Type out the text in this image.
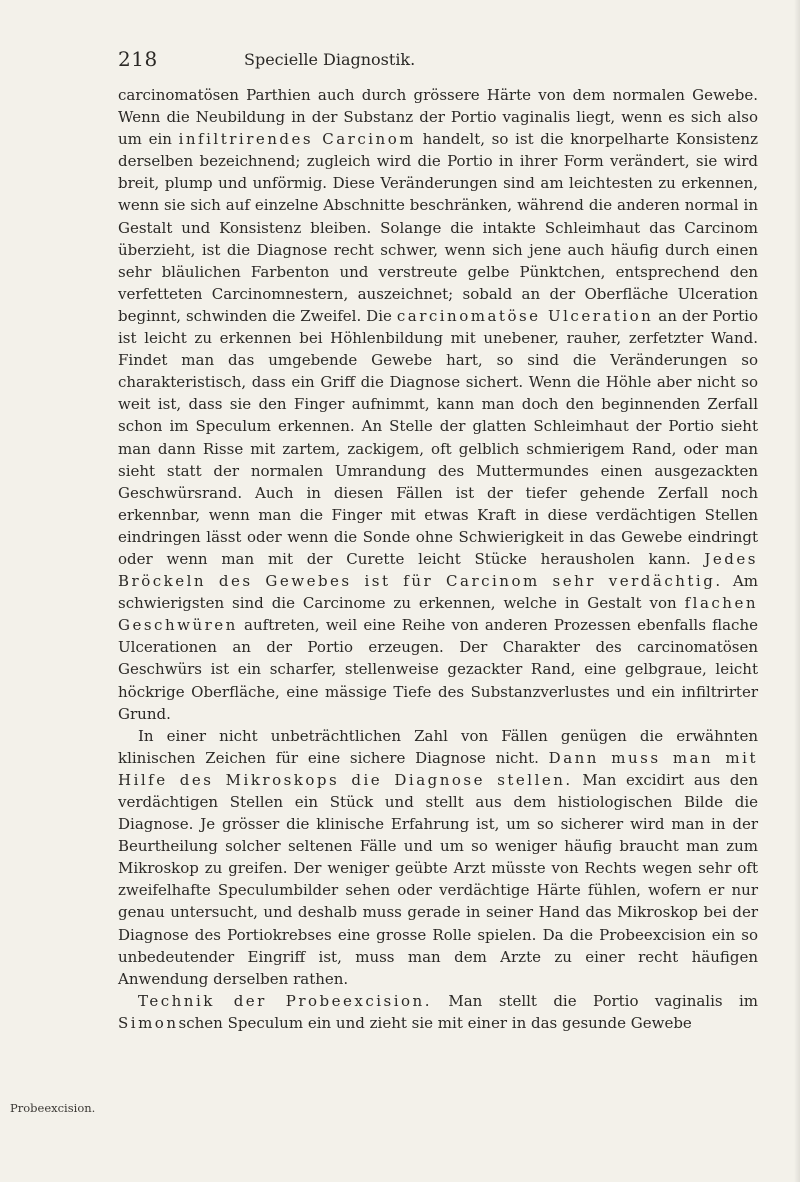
218	Specielle Diagnostik.

carcinomatösen Parthien auch durch grössere Härte von dem normalen Gewebe. Wenn die Neubildung in der Substanz der Portio vaginalis liegt, wenn es sich also um ein infiltrirendes Carcinom handelt, so ist die knorpelharte Konsistenz derselben bezeichnend; zugleich wird die Portio in ihrer Form verändert, sie wird breit, plump und unförmig. Diese Veränderungen sind am leichtesten zu erkennen, wenn sie sich auf einzelne Abschnitte beschränken, während die anderen normal in Gestalt und Konsistenz bleiben. Solange die intakte Schleimhaut das Carcinom überzieht, ist die Diagnose recht schwer, wenn sich jene auch häufig durch einen sehr bläulichen Farbenton und verstreute gelbe Pünktchen, entsprechend den verfetteten Carcinomnestern, auszeichnet; sobald an der Oberfläche Ulceration beginnt, schwinden die Zweifel. Die carcinomatöse Ulceration an der Portio ist leicht zu erkennen bei Höhlenbildung mit unebener, rauher, zerfetzter Wand. Findet man das umgebende Gewebe hart, so sind die Veränderungen so charakteristisch, dass ein Griff die Diagnose sichert. Wenn die Höhle aber nicht so weit ist, dass sie den Finger aufnimmt, kann man doch den beginnenden Zerfall schon im Speculum erkennen. An Stelle der glatten Schleimhaut der Portio sieht man dann Risse mit zartem, zackigem, oft gelblich schmierigem Rand, oder man sieht statt der normalen Umrandung des Muttermundes einen ausgezackten Geschwürsrand. Auch in diesen Fällen ist der tiefer gehende Zerfall noch erkennbar, wenn man die Finger mit etwas Kraft in diese verdächtigen Stellen eindringen lässt oder wenn die Sonde ohne Schwierigkeit in das Gewebe eindringt oder wenn man mit der Curette leicht Stücke herausholen kann. Jedes Bröckeln des Gewebes ist für Carcinom sehr verdächtig. Am schwierigsten sind die Carcinome zu erkennen, welche in Gestalt von flachen Geschwüren auftreten, weil eine Reihe von anderen Prozessen ebenfalls flache Ulcerationen an der Portio erzeugen. Der Charakter des carcinomatösen Geschwürs ist ein scharfer, stellenweise gezackter Rand, eine gelbgraue, leicht höckrige Oberfläche, eine mässige Tiefe des Substanzverlustes und ein infiltrirter Grund.

In einer nicht unbeträchtlichen Zahl von Fällen genügen die erwähnten klinischen Zeichen für eine sichere Diagnose nicht. Dann muss man mit Hilfe des Mikroskops die Diagnose stellen. Man excidirt aus den verdächtigen Stellen ein Stück und stellt aus dem histiologischen Bilde die Diagnose. Je grösser die klinische Erfahrung ist, um so sicherer wird man in der Beurtheilung solcher seltenen Fälle und um so weniger häufig braucht man zum Mikroskop zu greifen. Der weniger geübte Arzt müsste von Rechts wegen sehr oft zweifelhafte Speculumbilder sehen oder verdächtige Härte fühlen, wofern er nur genau untersucht, und deshalb muss gerade in seiner Hand das Mikroskop bei der Diagnose des Portiokrebses eine grosse Rolle spielen. Da die Probeexcision ein so unbedeutender Eingriff ist, muss man dem Arzte zu einer recht häufigen Anwendung derselben rathen.

Technik der Probeexcision. Man stellt die Portio vaginalis im Simonschen Speculum ein und zieht sie mit einer in das gesunde Gewebe

Probeexcision.
